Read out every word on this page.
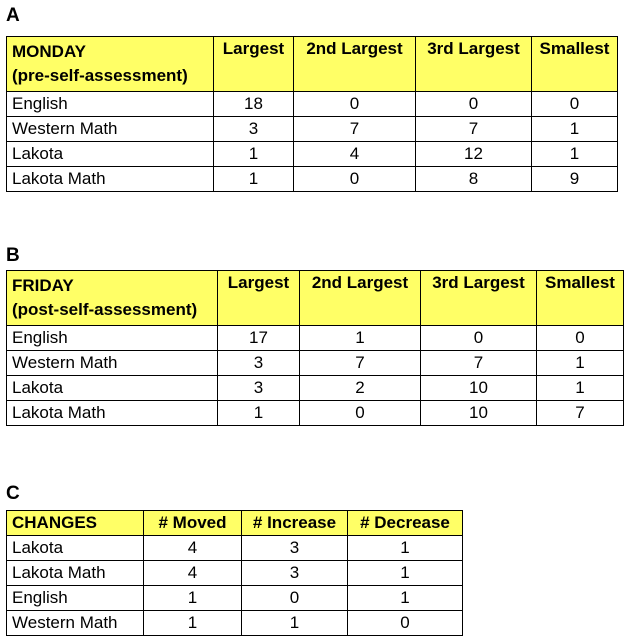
A
MONDAY
(pre-self-assessment)	Largest	2nd Largest	3rd Largest	Smallest
English	18	0	0	0
Western Math	3	7	7	1
Lakota	1	4	12	1
Lakota Math	1	0	8	9
B
FRIDAY
(post-self-assessment)	Largest	2nd Largest	3rd Largest	Smallest
English	17	1	0	0
Western Math	3	7	7	1
Lakota	3	2	10	1
Lakota Math	1	0	10	7
C
CHANGES	# Moved	# Increase	# Decrease
Lakota	4	3	1
Lakota Math	4	3	1
English	1	0	1
Western Math	1	1	0
